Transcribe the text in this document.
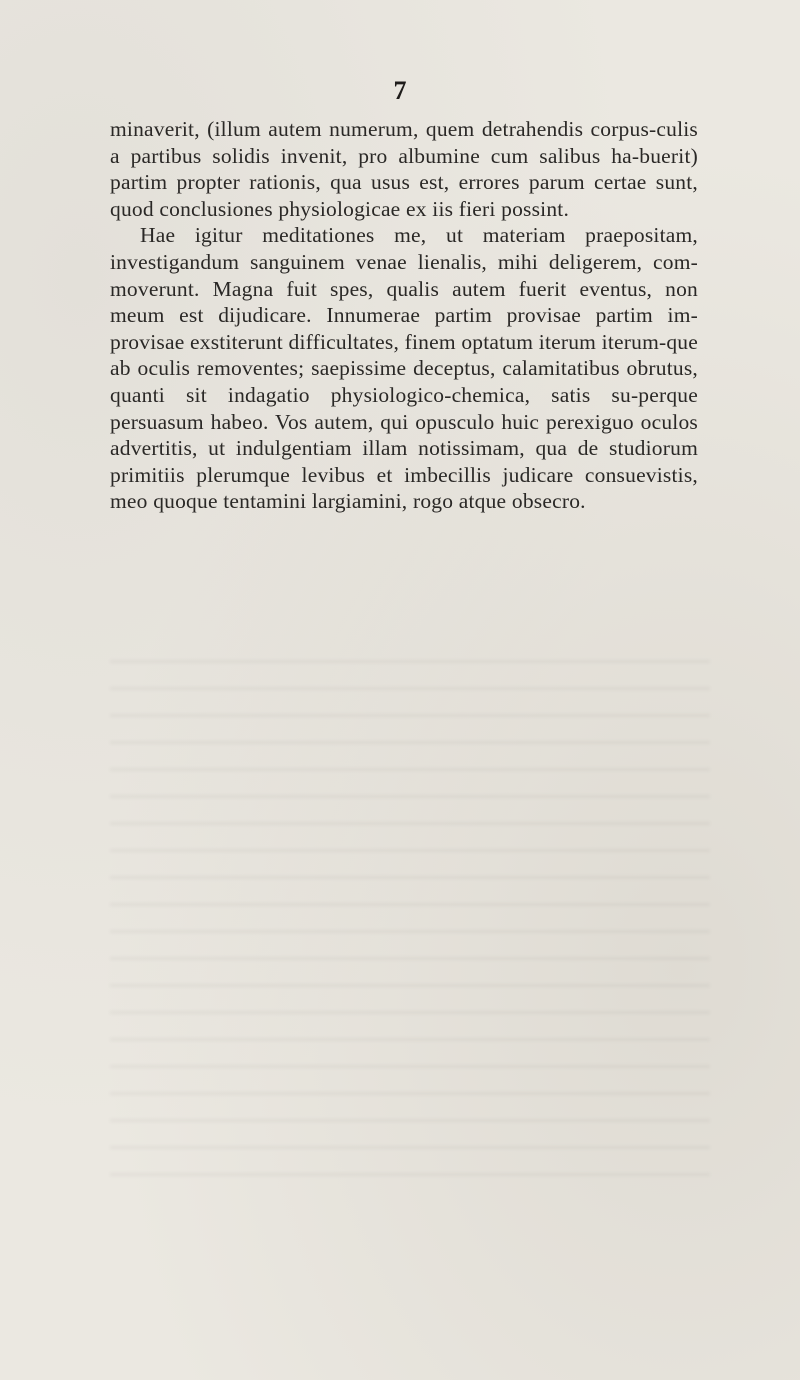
7

minaverit, (illum autem numerum, quem detrahendis corpus-culis a partibus solidis invenit, pro albumine cum salibus ha-buerit) partim propter rationis, qua usus est, errores parum certae sunt, quod conclusiones physiologicae ex iis fieri possint.

Hae igitur meditationes me, ut materiam praepositam, investigandum sanguinem venae lienalis, mihi deligerem, com-moverunt. Magna fuit spes, qualis autem fuerit eventus, non meum est dijudicare. Innumerae partim provisae partim im-provisae exstiterunt difficultates, finem optatum iterum iterum-que ab oculis removentes; saepissime deceptus, calamitatibus obrutus, quanti sit indagatio physiologico-chemica, satis su-perque persuasum habeo. Vos autem, qui opusculo huic perexiguo oculos advertitis, ut indulgentiam illam notissimam, qua de studiorum primitiis plerumque levibus et imbecillis judicare consuevistis, meo quoque tentamini largiamini, rogo atque obsecro.
